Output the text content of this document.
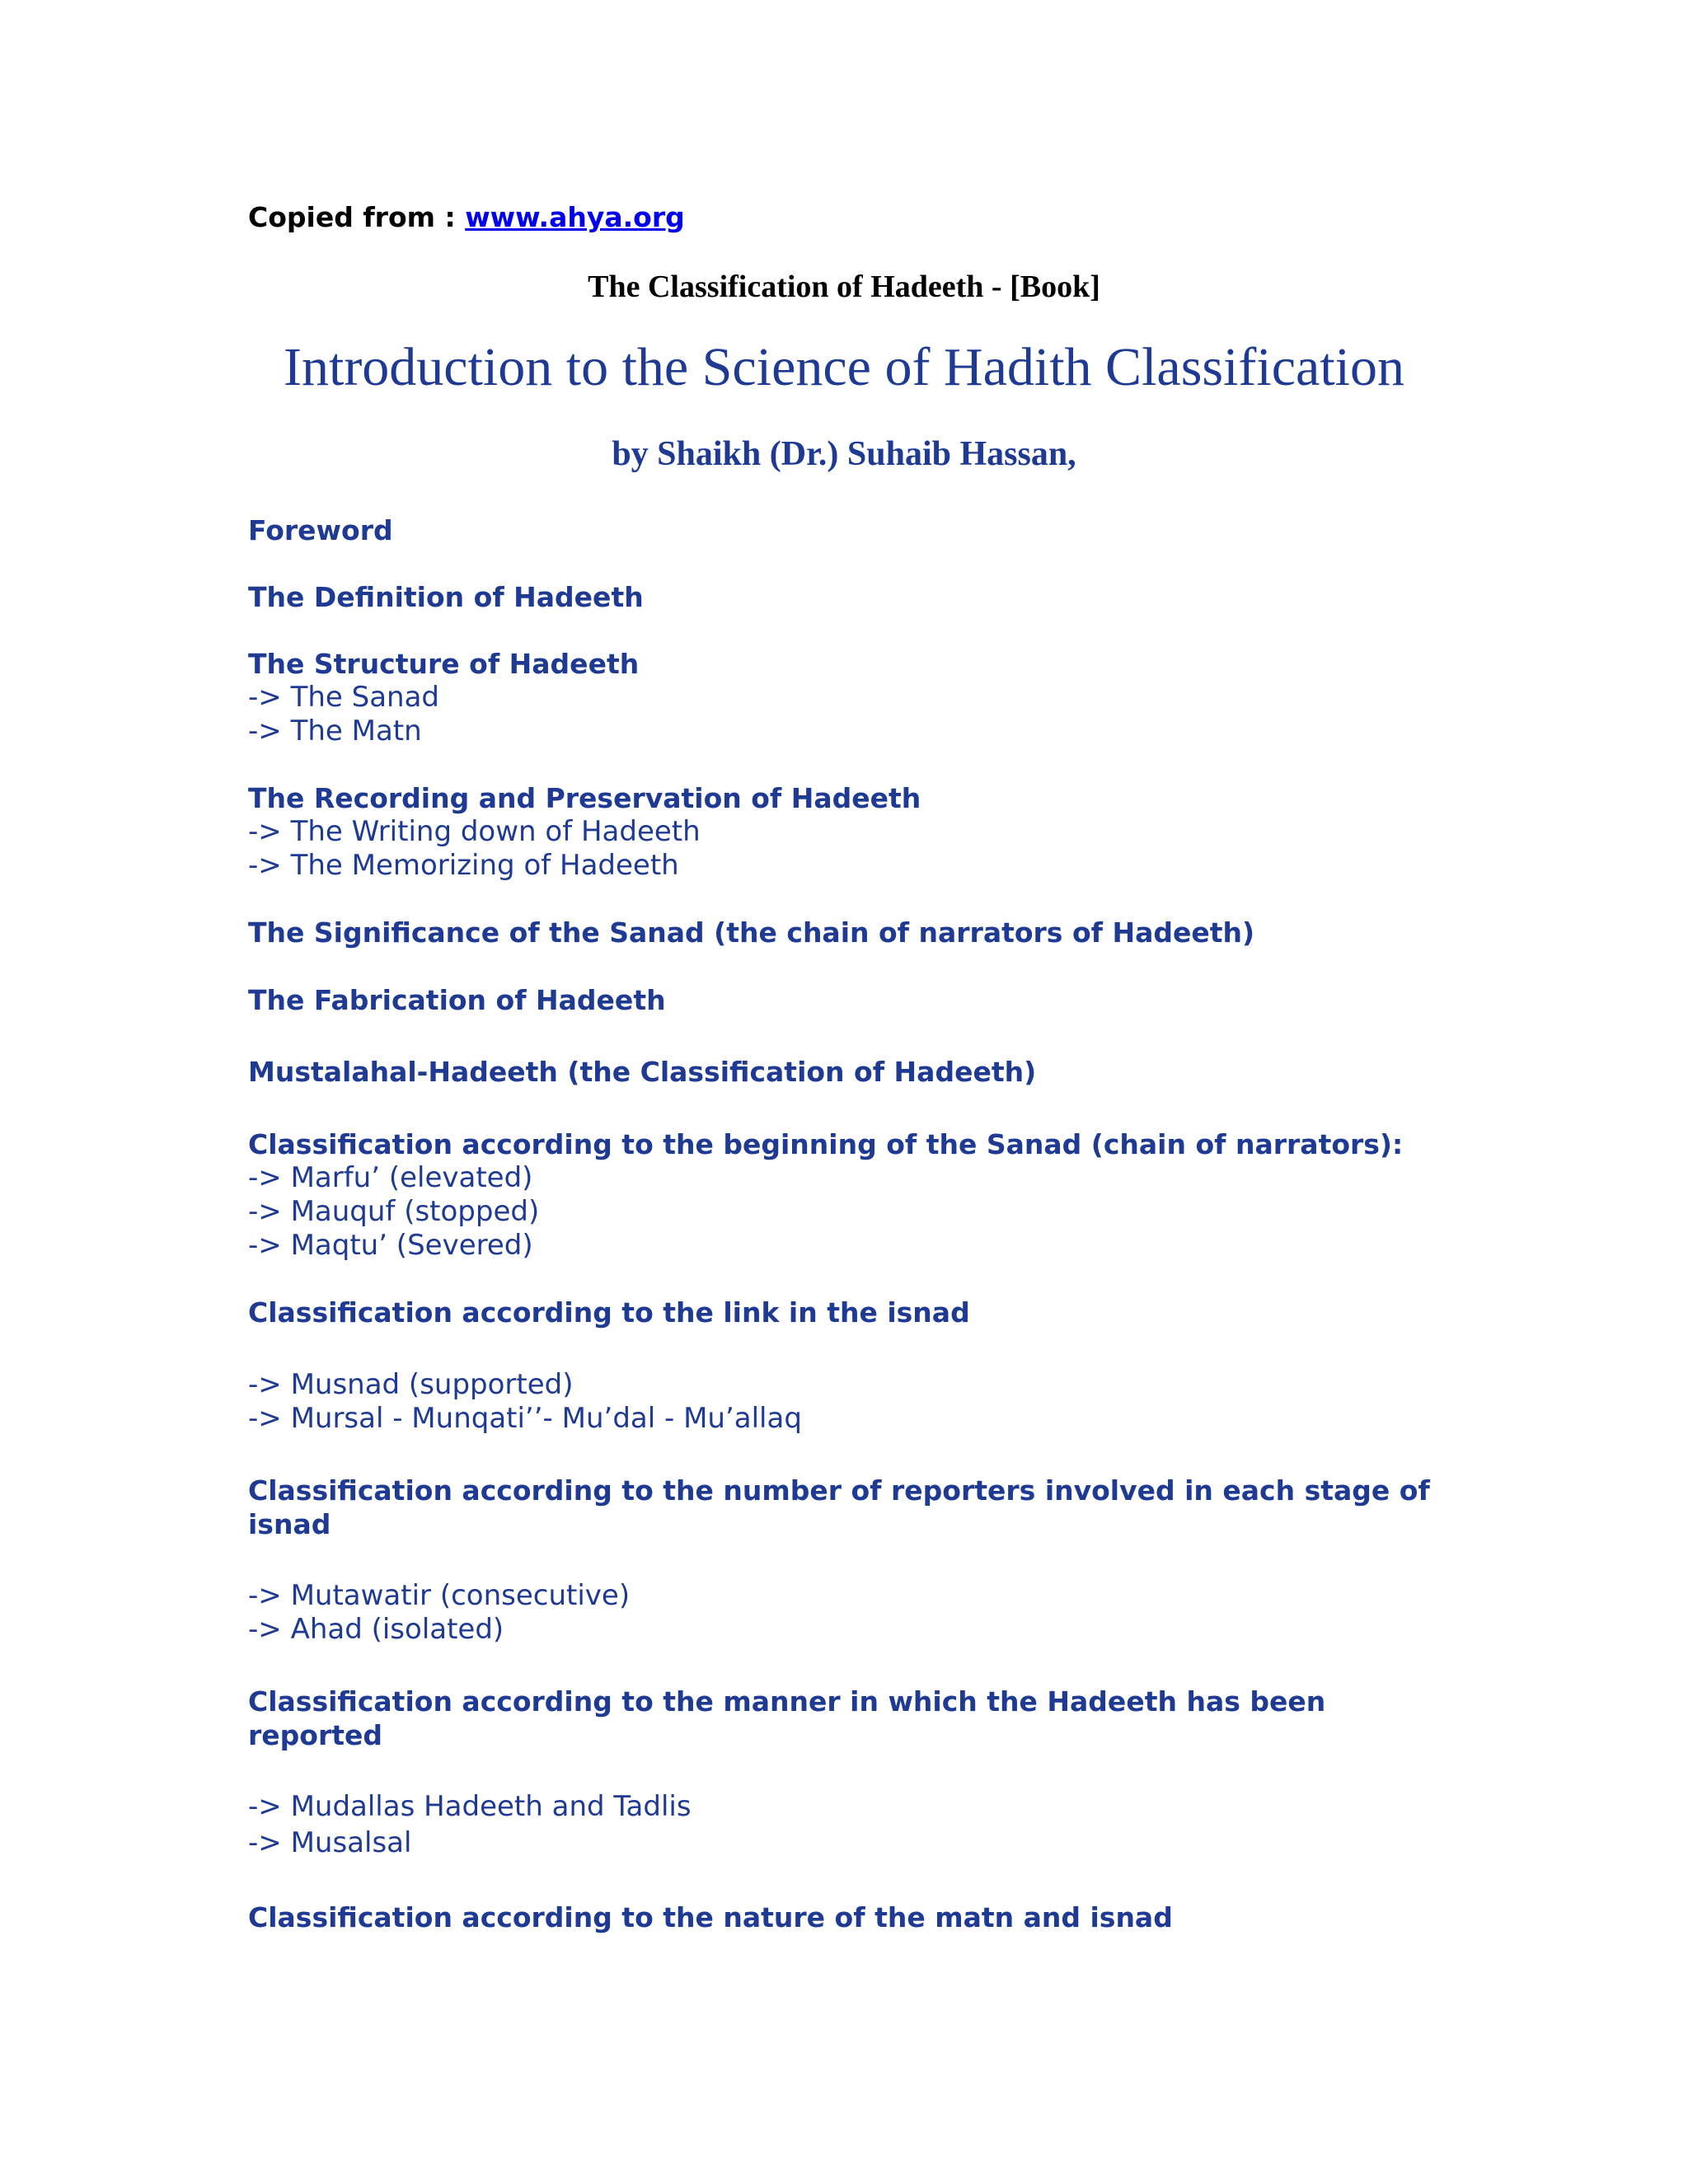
Copied from : www.ahya.org
The Classification of Hadeeth - [Book]
Introduction to the Science of Hadith Classification
by Shaikh (Dr.) Suhaib Hassan,
Foreword
The Definition of Hadeeth
The Structure of Hadeeth
-> The Sanad
-> The Matn
The Recording and Preservation of Hadeeth
-> The Writing down of Hadeeth
-> The Memorizing of Hadeeth
The Significance of the Sanad (the chain of narrators of Hadeeth)
The Fabrication of Hadeeth
Mustalahal-Hadeeth (the Classification of Hadeeth)
Classification according to the beginning of the Sanad (chain of narrators):
-> Marfu’ (elevated)
-> Mauquf (stopped)
-> Maqtu’ (Severed)
Classification according to the link in the isnad
-> Musnad (supported)
-> Mursal - Munqati’’- Mu’dal - Mu’allaq
Classification according to the number of reporters involved in each stage of isnad
-> Mutawatir (consecutive)
-> Ahad (isolated)
Classification according to the manner in which the Hadeeth has been reported
-> Mudallas Hadeeth and Tadlis
-> Musalsal
Classification according to the nature of the matn and isnad
